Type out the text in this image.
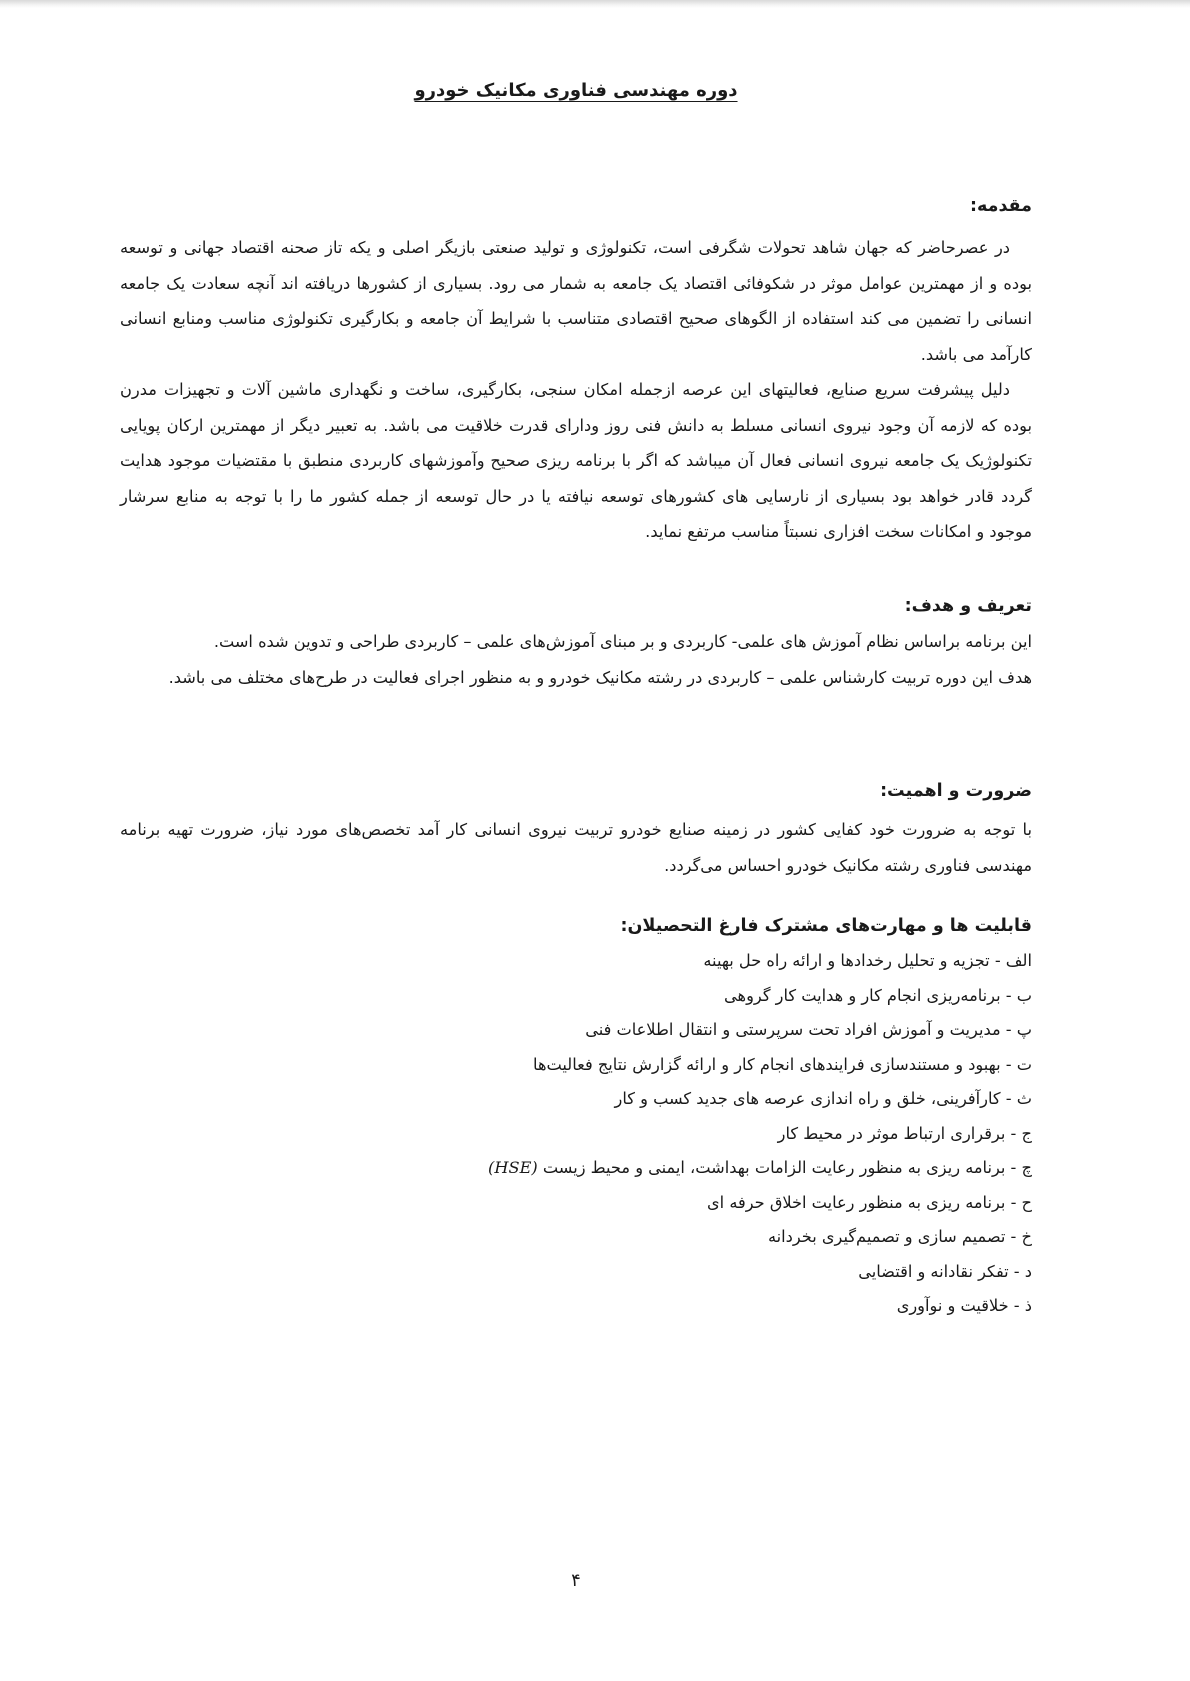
دوره مهندسی فناوری مکانیک خودرو
مقدمه:
در عصرحاضر که جهان شاهد تحولات شگرفی است، تکنولوژی و تولید صنعتی بازیگر اصلی و یکه تاز صحنه اقتصاد جهانی و توسعه بوده و از مهمترین عوامل موثر در شکوفائی اقتصاد یک جامعه به شمار می رود. بسیاری از کشورها دریافته اند آنچه سعادت یک جامعه انسانی را تضمین می کند استفاده از الگوهای صحیح اقتصادی متناسب با شرایط آن جامعه و بکارگیری تکنولوژی مناسب ومنابع انسانی کارآمد می باشد.
دلیل پیشرفت سریع صنایع، فعالیتهای این عرصه ازجمله امکان سنجی، بکارگیری، ساخت و نگهداری ماشین آلات و تجهیزات مدرن بوده که لازمه آن وجود نیروی انسانی مسلط به دانش فنی روز ودارای قدرت خلاقیت می باشد. به تعبیر دیگر از مهمترین ارکان پویایی تکنولوژیک یک جامعه نیروی انسانی فعال آن میباشد که اگر با برنامه ریزی صحیح وآموزشهای کاربردی منطبق با مقتضیات موجود هدایت گردد قادر خواهد بود بسیاری از نارسایی های کشورهای توسعه نیافته یا در حال توسعه از جمله کشور ما را با توجه به منابع سرشار موجود و امکانات سخت افزاری نسبتاً مناسب مرتفع نماید.
تعریف و هدف:
این برنامه براساس نظام آموزش های علمی- کاربردی و بر مبنای آموزش‌های علمی – کاربردی طراحی و تدوین شده است.
هدف این دوره تربیت کارشناس علمی – کاربردی در رشته مکانیک خودرو و به منظور اجرای فعالیت در طرح‌های مختلف می باشد.
ضرورت و اهمیت:
با توجه به ضرورت خود کفایی کشور در زمینه صنایع خودرو تربیت نیروی انسانی کار آمد تخصص‌های مورد نیاز، ضرورت تهیه برنامه مهندسی فناوری رشته مکانیک خودرو احساس می‌گردد.
قابلیت ها و مهارت‌های مشترک فارغ التحصیلان:
الف - تجزیه و تحلیل رخدادها و ارائه راه حل بهینه
ب - برنامه‌ریزی انجام کار و هدایت کار گروهی
پ - مدیریت و آموزش افراد تحت سرپرستی و انتقال اطلاعات فنی
ت - بهبود و مستندسازی فرایندهای انجام کار و ارائه گزارش نتایج فعالیت‌ها
ث - کارآفرینی، خلق و راه اندازی عرصه های جدید کسب و کار
ج - برقراری ارتباط موثر در محیط کار
چ - برنامه ریزی به منظور رعایت الزامات بهداشت، ایمنی و محیط زیست (HSE)
ح - برنامه ریزی به منظور رعایت اخلاق حرفه ای
خ - تصمیم سازی و تصمیم‌گیری بخردانه
د - تفکر نقادانه و اقتضایی
ذ - خلاقیت و نوآوری
۴
